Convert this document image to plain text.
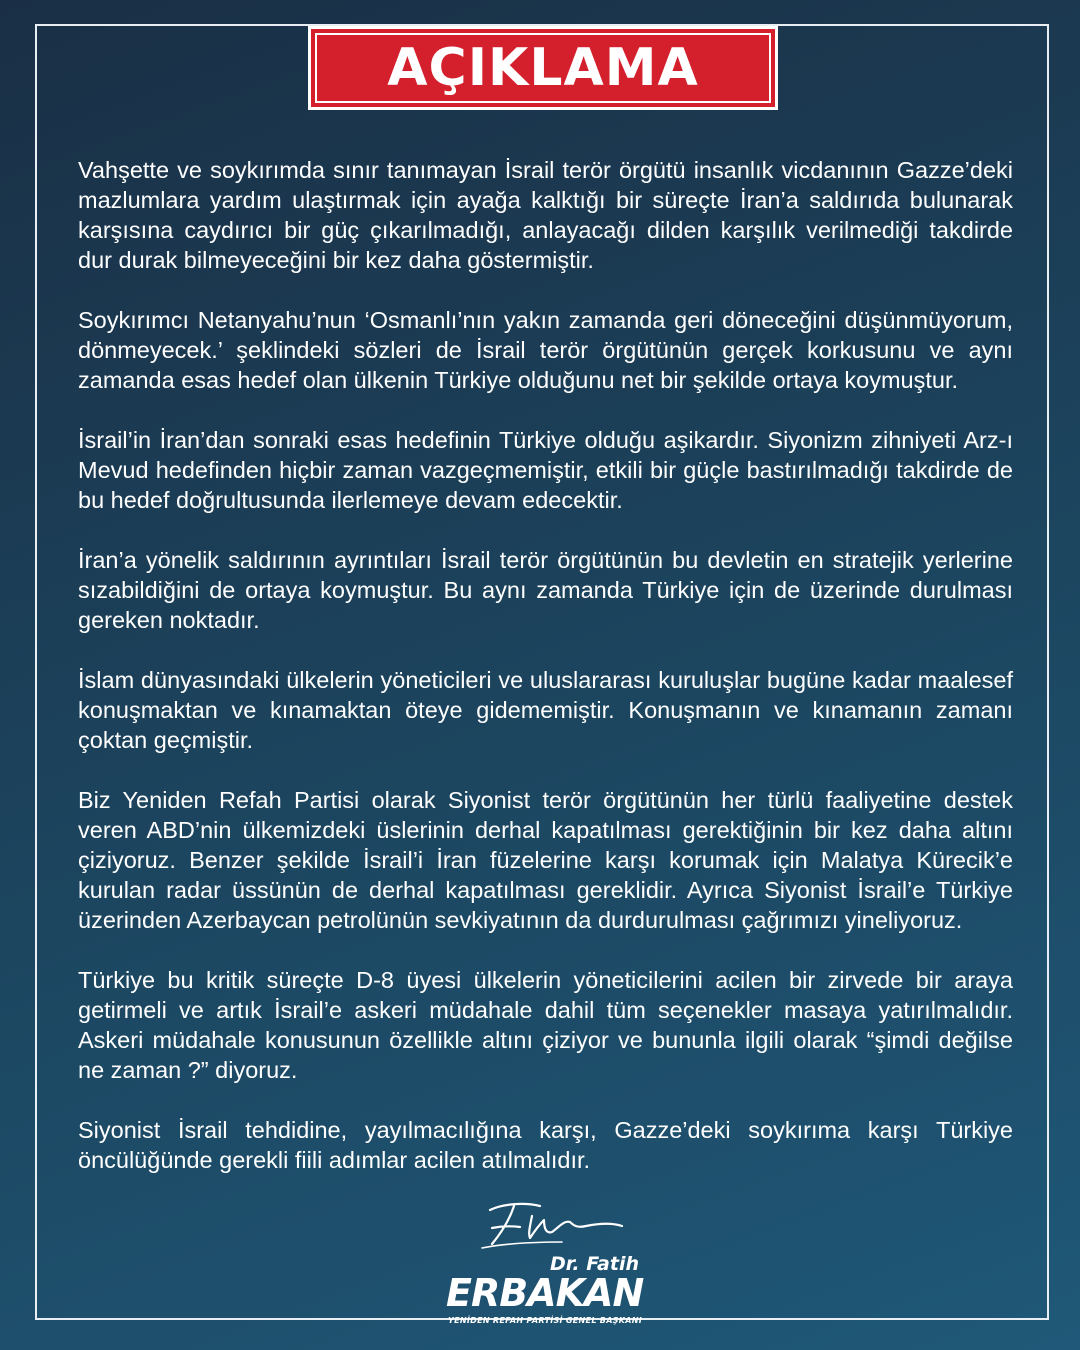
AÇIKLAMA

Vahşette ve soykırımda sınır tanımayan İsrail terör örgütü insanlık vicdanının Gazze’deki mazlumlara yardım ulaştırmak için ayağa kalktığı bir süreçte İran’a saldırıda bulunarak karşısına caydırıcı bir güç çıkarılmadığı, anlayacağı dilden karşılık verilmediği takdirde dur durak bilmeyeceğini bir kez daha göstermiştir.

Soykırımcı Netanyahu’nun ‘Osmanlı’nın yakın zamanda geri döneceğini düşünmüyorum, dönmeyecek.’ şeklindeki sözleri de İsrail terör örgütünün gerçek korkusunu ve aynı zamanda esas hedef olan ülkenin Türkiye olduğunu net bir şekilde ortaya koymuştur.

İsrail’in İran’dan sonraki esas hedefinin Türkiye olduğu aşikardır. Siyonizm zihniyeti Arz-ı Mevud hedefinden hiçbir zaman vazgeçmemiştir, etkili bir güçle bastırılmadığı takdirde de bu hedef doğrultusunda ilerlemeye devam edecektir.

İran’a yönelik saldırının ayrıntıları İsrail terör örgütünün bu devletin en stratejik yerlerine sızabildiğini de ortaya koymuştur. Bu aynı zamanda Türkiye için de üzerinde durulması gereken noktadır.

İslam dünyasındaki ülkelerin yöneticileri ve uluslararası kuruluşlar bugüne kadar maalesef konuşmaktan ve kınamaktan öteye gidememiştir. Konuşmanın ve kınamanın zamanı çoktan geçmiştir.

Biz Yeniden Refah Partisi olarak Siyonist terör örgütünün her türlü faaliyetine destek veren ABD’nin ülkemizdeki üslerinin derhal kapatılması gerektiğinin bir kez daha altını çiziyoruz. Benzer şekilde İsrail’i İran füzelerine karşı korumak için Malatya Kürecik’e kurulan radar üssünün de derhal kapatılması gereklidir. Ayrıca Siyonist İsrail’e Türkiye üzerinden Azerbaycan petrolünün sevkiyatının da durdurulması çağrımızı yineliyoruz.

Türkiye bu kritik süreçte D-8 üyesi ülkelerin yöneticilerini acilen bir zirvede bir araya getirmeli ve artık İsrail’e askeri müdahale dahil tüm seçenekler masaya yatırılmalıdır. Askeri müdahale konusunun özellikle altını çiziyor ve bununla ilgili olarak “şimdi değilse ne zaman ?” diyoruz.

Siyonist İsrail tehdidine, yayılmacılığına karşı, Gazze’deki soykırıma karşı Türkiye öncülüğünde gerekli fiili adımlar acilen atılmalıdır.

Dr. Fatih
ERBAKAN
YENİDEN REFAH PARTİSİ GENEL BAŞKANI
